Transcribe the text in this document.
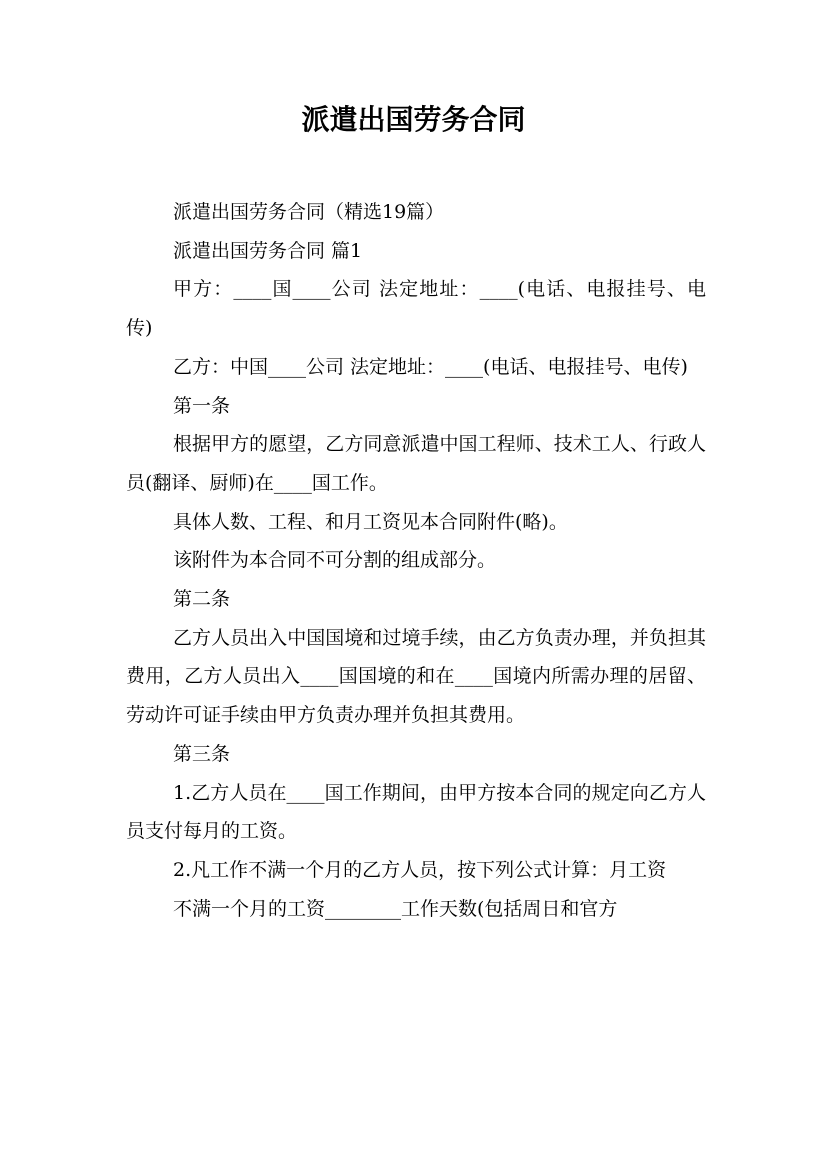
派遣出国劳务合同

派遣出国劳务合同（精选19篇）

派遣出国劳务合同 篇1

甲方：____国____公司 法定地址：____(电话、电报挂号、电传)

乙方：中国____公司 法定地址：____(电话、电报挂号、电传)

第一条

根据甲方的愿望，乙方同意派遣中国工程师、技术工人、行政人员(翻译、厨师)在____国工作。

具体人数、工程、和月工资见本合同附件(略)。

该附件为本合同不可分割的组成部分。

第二条

乙方人员出入中国国境和过境手续，由乙方负责办理，并负担其费用，乙方人员出入____国国境的和在____国境内所需办理的居留、劳动许可证手续由甲方负责办理并负担其费用。

第三条

1.乙方人员在____国工作期间，由甲方按本合同的规定向乙方人员支付每月的工资。

2.凡工作不满一个月的乙方人员，按下列公式计算：月工资

不满一个月的工资________工作天数(包括周日和官方
